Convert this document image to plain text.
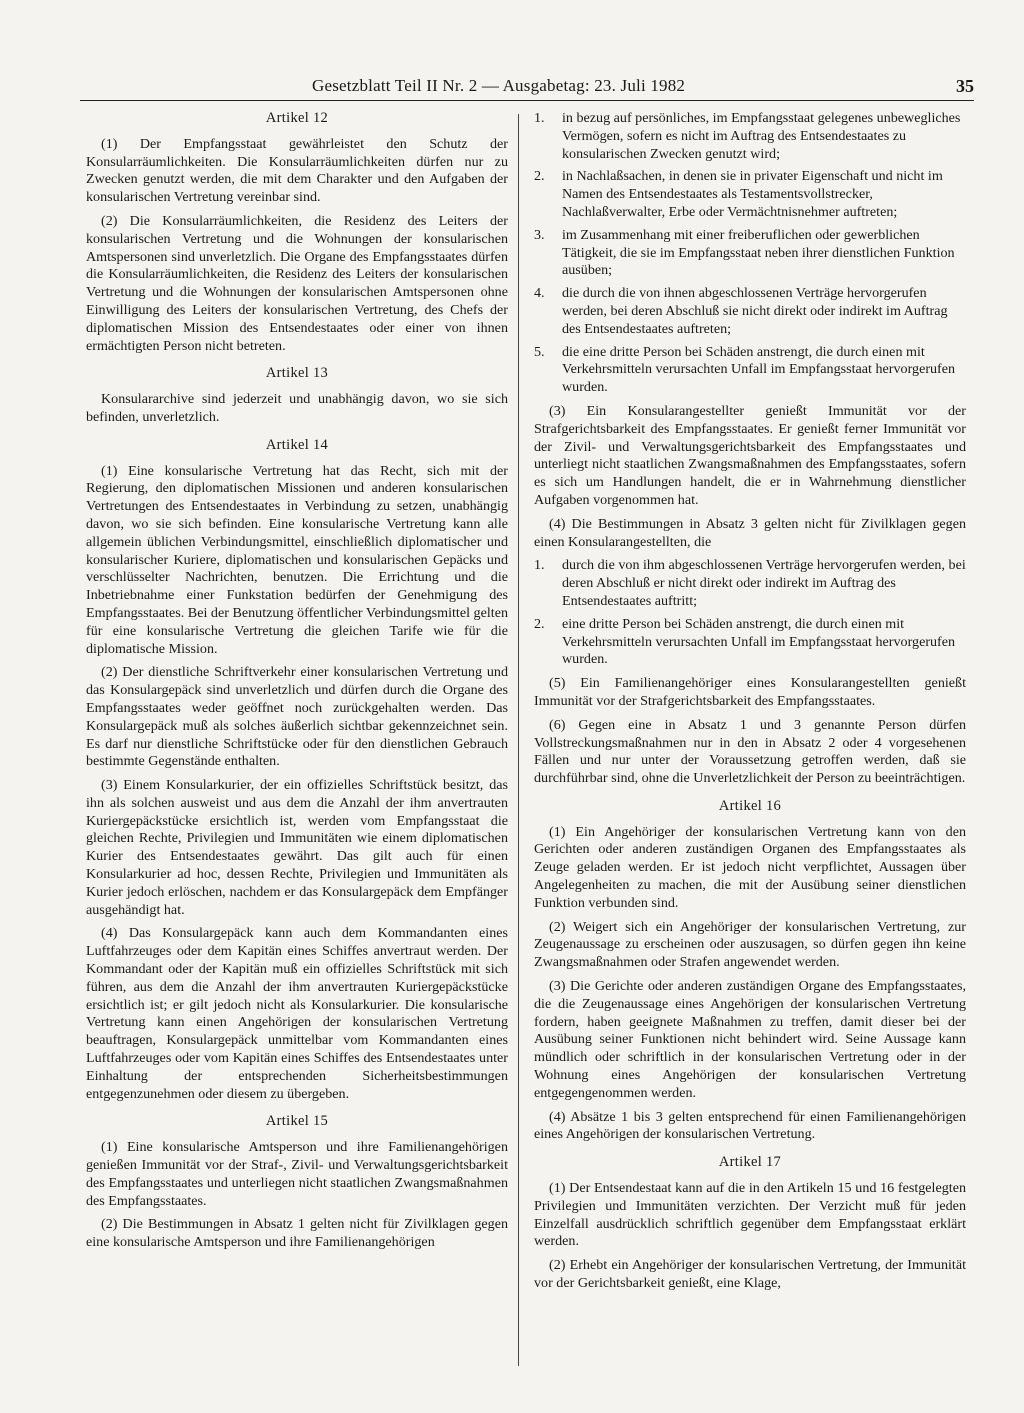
Gesetzblatt Teil II Nr. 2 — Ausgabetag: 23. Juli 1982	35
Artikel 12

(1) Der Empfangsstaat gewährleistet den Schutz der Konsularräumlichkeiten. Die Konsularräumlichkeiten dürfen nur zu Zwecken genutzt werden, die mit dem Charakter und den Aufgaben der konsularischen Vertretung vereinbar sind.

(2) Die Konsularräumlichkeiten, die Residenz des Leiters der konsularischen Vertretung und die Wohnungen der konsularischen Amtspersonen sind unverletzlich. Die Organe des Empfangsstaates dürfen die Konsularräumlichkeiten, die Residenz des Leiters der konsularischen Vertretung und die Wohnungen der konsularischen Amtspersonen ohne Einwilligung des Leiters der konsularischen Vertretung, des Chefs der diplomatischen Mission des Entsendestaates oder einer von ihnen ermächtigten Person nicht betreten.

Artikel 13

Konsulararchive sind jederzeit und unabhängig davon, wo sie sich befinden, unverletzlich.

Artikel 14

(1) Eine konsularische Vertretung hat das Recht, sich mit der Regierung, den diplomatischen Missionen und anderen konsularischen Vertretungen des Entsendestaates in Verbindung zu setzen, unabhängig davon, wo sie sich befinden. Eine konsularische Vertretung kann alle allgemein üblichen Verbindungsmittel, einschließlich diplomatischer und konsularischer Kuriere, diplomatischen und konsularischen Gepäcks und verschlüsselter Nachrichten, benutzen. Die Errichtung und die Inbetriebnahme einer Funkstation bedürfen der Genehmigung des Empfangsstaates. Bei der Benutzung öffentlicher Verbindungsmittel gelten für eine konsularische Vertretung die gleichen Tarife wie für die diplomatische Mission.

(2) Der dienstliche Schriftverkehr einer konsularischen Vertretung und das Konsulargepäck sind unverletzlich und dürfen durch die Organe des Empfangsstaates weder geöffnet noch zurückgehalten werden. Das Konsulargepäck muß als solches äußerlich sichtbar gekennzeichnet sein. Es darf nur dienstliche Schriftstücke oder für den dienstlichen Gebrauch bestimmte Gegenstände enthalten.

(3) Einem Konsularkurier, der ein offizielles Schriftstück besitzt, das ihn als solchen ausweist und aus dem die Anzahl der ihm anvertrauten Kuriergepäckstücke ersichtlich ist, werden vom Empfangsstaat die gleichen Rechte, Privilegien und Immunitäten wie einem diplomatischen Kurier des Entsendestaates gewährt. Das gilt auch für einen Konsularkurier ad hoc, dessen Rechte, Privilegien und Immunitäten als Kurier jedoch erlöschen, nachdem er das Konsulargepäck dem Empfänger ausgehändigt hat.

(4) Das Konsulargepäck kann auch dem Kommandanten eines Luftfahrzeuges oder dem Kapitän eines Schiffes anvertraut werden. Der Kommandant oder der Kapitän muß ein offizielles Schriftstück mit sich führen, aus dem die Anzahl der ihm anvertrauten Kuriergepäckstücke ersichtlich ist; er gilt jedoch nicht als Konsularkurier. Die konsularische Vertretung kann einen Angehörigen der konsularischen Vertretung beauftragen, Konsulargepäck unmittelbar vom Kommandanten eines Luftfahrzeuges oder vom Kapitän eines Schiffes des Entsendestaates unter Einhaltung der entsprechenden Sicherheitsbestimmungen entgegenzunehmen oder diesem zu übergeben.

Artikel 15

(1) Eine konsularische Amtsperson und ihre Familienangehörigen genießen Immunität vor der Straf-, Zivil- und Verwaltungsgerichtsbarkeit des Empfangsstaates und unterliegen nicht staatlichen Zwangsmaßnahmen des Empfangsstaates.

(2) Die Bestimmungen in Absatz 1 gelten nicht für Zivilklagen gegen eine konsularische Amtsperson und ihre Familienangehörigen

1.	in bezug auf persönliches, im Empfangsstaat gelegenes unbewegliches Vermögen, sofern es nicht im Auftrag des Entsendestaates zu konsularischen Zwecken genutzt wird;
2.	in Nachlaßsachen, in denen sie in privater Eigenschaft und nicht im Namen des Entsendestaates als Testamentsvollstrecker, Nachlaßverwalter, Erbe oder Vermächtnisnehmer auftreten;
3.	im Zusammenhang mit einer freiberuflichen oder gewerblichen Tätigkeit, die sie im Empfangsstaat neben ihrer dienstlichen Funktion ausüben;
4.	die durch die von ihnen abgeschlossenen Verträge hervorgerufen werden, bei deren Abschluß sie nicht direkt oder indirekt im Auftrag des Entsendestaates auftreten;
5.	die eine dritte Person bei Schäden anstrengt, die durch einen mit Verkehrsmitteln verursachten Unfall im Empfangsstaat hervorgerufen wurden.

(3) Ein Konsularangestellter genießt Immunität vor der Strafgerichtsbarkeit des Empfangsstaates. Er genießt ferner Immunität vor der Zivil- und Verwaltungsgerichtsbarkeit des Empfangsstaates und unterliegt nicht staatlichen Zwangsmaßnahmen des Empfangsstaates, sofern es sich um Handlungen handelt, die er in Wahrnehmung dienstlicher Aufgaben vorgenommen hat.

(4) Die Bestimmungen in Absatz 3 gelten nicht für Zivilklagen gegen einen Konsularangestellten, die

1.	durch die von ihm abgeschlossenen Verträge hervorgerufen werden, bei deren Abschluß er nicht direkt oder indirekt im Auftrag des Entsendestaates auftritt;
2.	eine dritte Person bei Schäden anstrengt, die durch einen mit Verkehrsmitteln verursachten Unfall im Empfangsstaat hervorgerufen wurden.

(5) Ein Familienangehöriger eines Konsularangestellten genießt Immunität vor der Strafgerichtsbarkeit des Empfangsstaates.

(6) Gegen eine in Absatz 1 und 3 genannte Person dürfen Vollstreckungsmaßnahmen nur in den in Absatz 2 oder 4 vorgesehenen Fällen und nur unter der Voraussetzung getroffen werden, daß sie durchführbar sind, ohne die Unverletzlichkeit der Person zu beeinträchtigen.

Artikel 16

(1) Ein Angehöriger der konsularischen Vertretung kann von den Gerichten oder anderen zuständigen Organen des Empfangsstaates als Zeuge geladen werden. Er ist jedoch nicht verpflichtet, Aussagen über Angelegenheiten zu machen, die mit der Ausübung seiner dienstlichen Funktion verbunden sind.

(2) Weigert sich ein Angehöriger der konsularischen Vertretung, zur Zeugenaussage zu erscheinen oder auszusagen, so dürfen gegen ihn keine Zwangsmaßnahmen oder Strafen angewendet werden.

(3) Die Gerichte oder anderen zuständigen Organe des Empfangsstaates, die die Zeugenaussage eines Angehörigen der konsularischen Vertretung fordern, haben geeignete Maßnahmen zu treffen, damit dieser bei der Ausübung seiner Funktionen nicht behindert wird. Seine Aussage kann mündlich oder schriftlich in der konsularischen Vertretung oder in der Wohnung eines Angehörigen der konsularischen Vertretung entgegengenommen werden.

(4) Absätze 1 bis 3 gelten entsprechend für einen Familienangehörigen eines Angehörigen der konsularischen Vertretung.

Artikel 17

(1) Der Entsendestaat kann auf die in den Artikeln 15 und 16 festgelegten Privilegien und Immunitäten verzichten. Der Verzicht muß für jeden Einzelfall ausdrücklich schriftlich gegenüber dem Empfangsstaat erklärt werden.

(2) Erhebt ein Angehöriger der konsularischen Vertretung, der Immunität vor der Gerichtsbarkeit genießt, eine Klage,
